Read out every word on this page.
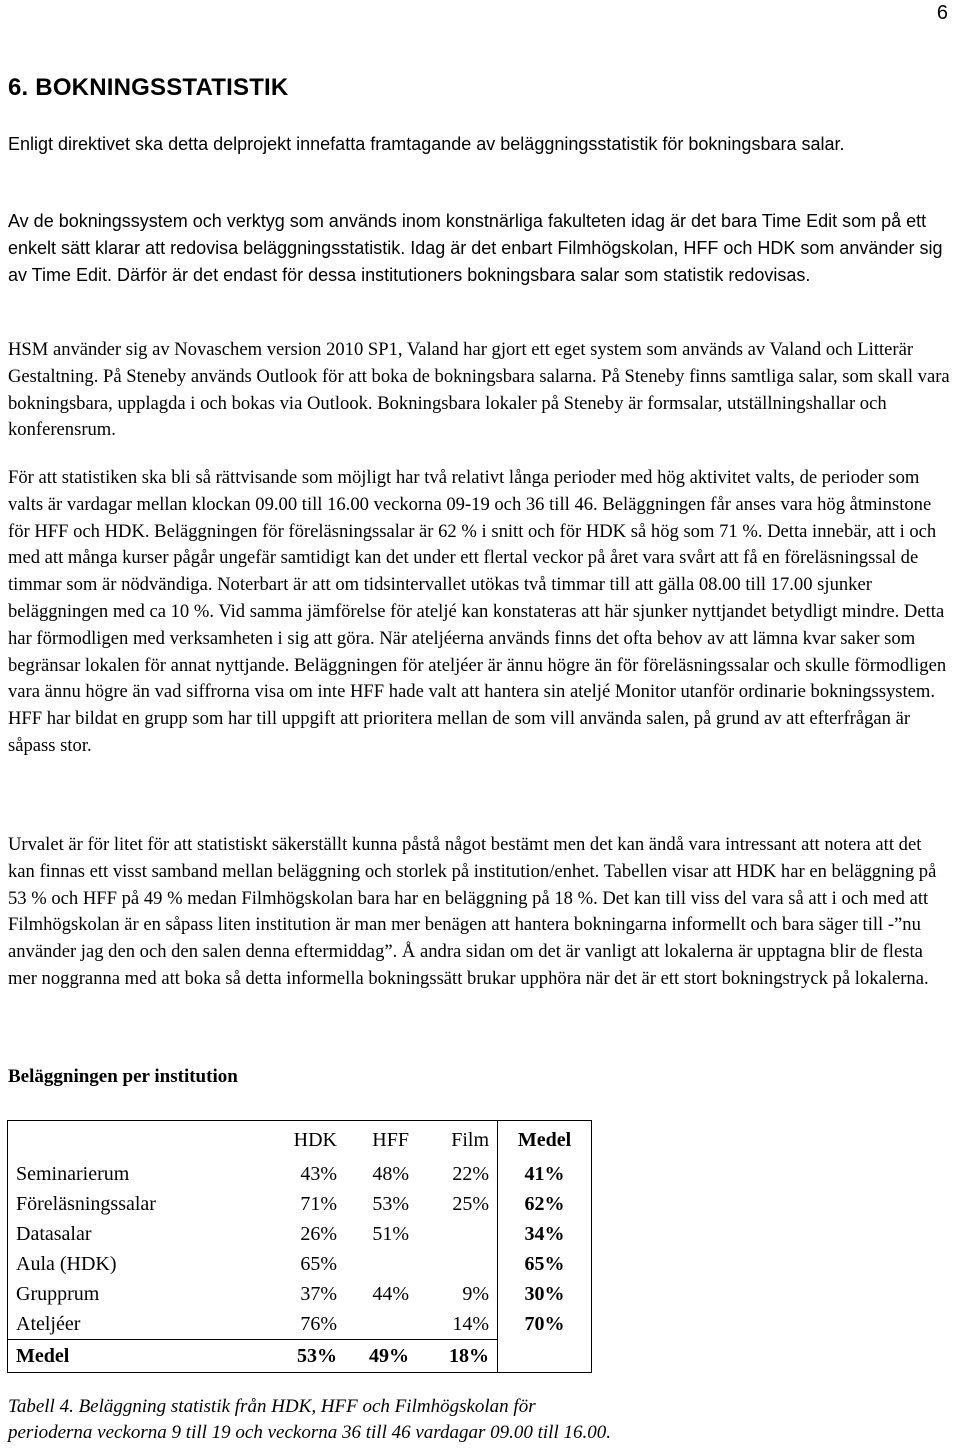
6
6. BOKNINGSSTATISTIK

Enligt direktivet ska detta delprojekt innefatta framtagande av beläggningsstatistik för bokningsbara salar.

Av de bokningssystem och verktyg som används inom konstnärliga fakulteten idag är det bara Time Edit som på ett enkelt sätt klarar att redovisa beläggningsstatistik. Idag är det enbart Filmhögskolan, HFF och HDK som använder sig av Time Edit. Därför är det endast för dessa institutioners bokningsbara salar som statistik redovisas.

HSM använder sig av Novaschem version 2010 SP1, Valand har gjort ett eget system som används av Valand och Litterär Gestaltning. På Steneby används Outlook för att boka de bokningsbara salarna. På Steneby finns samtliga salar, som skall vara bokningsbara, upplagda i och bokas via Outlook. Bokningsbara lokaler på Steneby är formsalar, utställningshallar och konferensrum.

För att statistiken ska bli så rättvisande som möjligt har två relativt långa perioder med hög aktivitet valts, de perioder som valts är vardagar mellan klockan 09.00 till 16.00 veckorna 09-19 och 36 till 46. Beläggningen får anses vara hög åtminstone för HFF och HDK. Beläggningen för föreläsningssalar är 62 % i snitt och för HDK så hög som 71 %. Detta innebär, att i och med att många kurser pågår ungefär samtidigt kan det under ett flertal veckor på året vara svårt att få en föreläsningssal de timmar som är nödvändiga. Noterbart är att om tidsintervallet utökas två timmar till att gälla 08.00 till 17.00 sjunker beläggningen med ca 10 %. Vid samma jämförelse för ateljé kan konstateras att här sjunker nyttjandet betydligt mindre. Detta har förmodligen med verksamheten i sig att göra. När ateljéerna används finns det ofta behov av att lämna kvar saker som begränsar lokalen för annat nyttjande. Beläggningen för ateljéer är ännu högre än för föreläsningssalar och skulle förmodligen vara ännu högre än vad siffrorna visa om inte HFF hade valt att hantera sin ateljé Monitor utanför ordinarie bokningssystem. HFF har bildat en grupp som har till uppgift att prioritera mellan de som vill använda salen, på grund av att efterfrågan är såpass stor.

Urvalet är för litet för att statistiskt säkerställt kunna påstå något bestämt men det kan ändå vara intressant att notera att det kan finnas ett visst samband mellan beläggning och storlek på institution/enhet. Tabellen visar att HDK har en beläggning på 53 % och HFF på 49 % medan Filmhögskolan bara har en beläggning på 18 %. Det kan till viss del vara så att i och med att Filmhögskolan är en såpass liten institution är man mer benägen att hantera bokningarna informellt och bara säger till -”nu använder jag den och den salen denna eftermiddag”. Å andra sidan om det är vanligt att lokalerna är upptagna blir de flesta mer noggranna med att boka så detta informella bokningssätt brukar upphöra när det är ett stort bokningstryck på lokalerna.

Beläggningen per institution
	HDK	HFF	Film	Medel
Seminarierum	43%	48%	22%	41%
Föreläsningssalar	71%	53%	25%	62%
Datasalar	26%	51%		34%
Aula (HDK)	65%			65%
Grupprum	37%	44%	9%	30%
Ateljéer	76%		14%	70%
Medel	53%	49%	18%	
Tabell 4. Beläggning statistik från HDK, HFF och Filmhögskolan för
perioderna veckorna 9 till 19 och veckorna 36 till 46 vardagar 09.00 till 16.00.
